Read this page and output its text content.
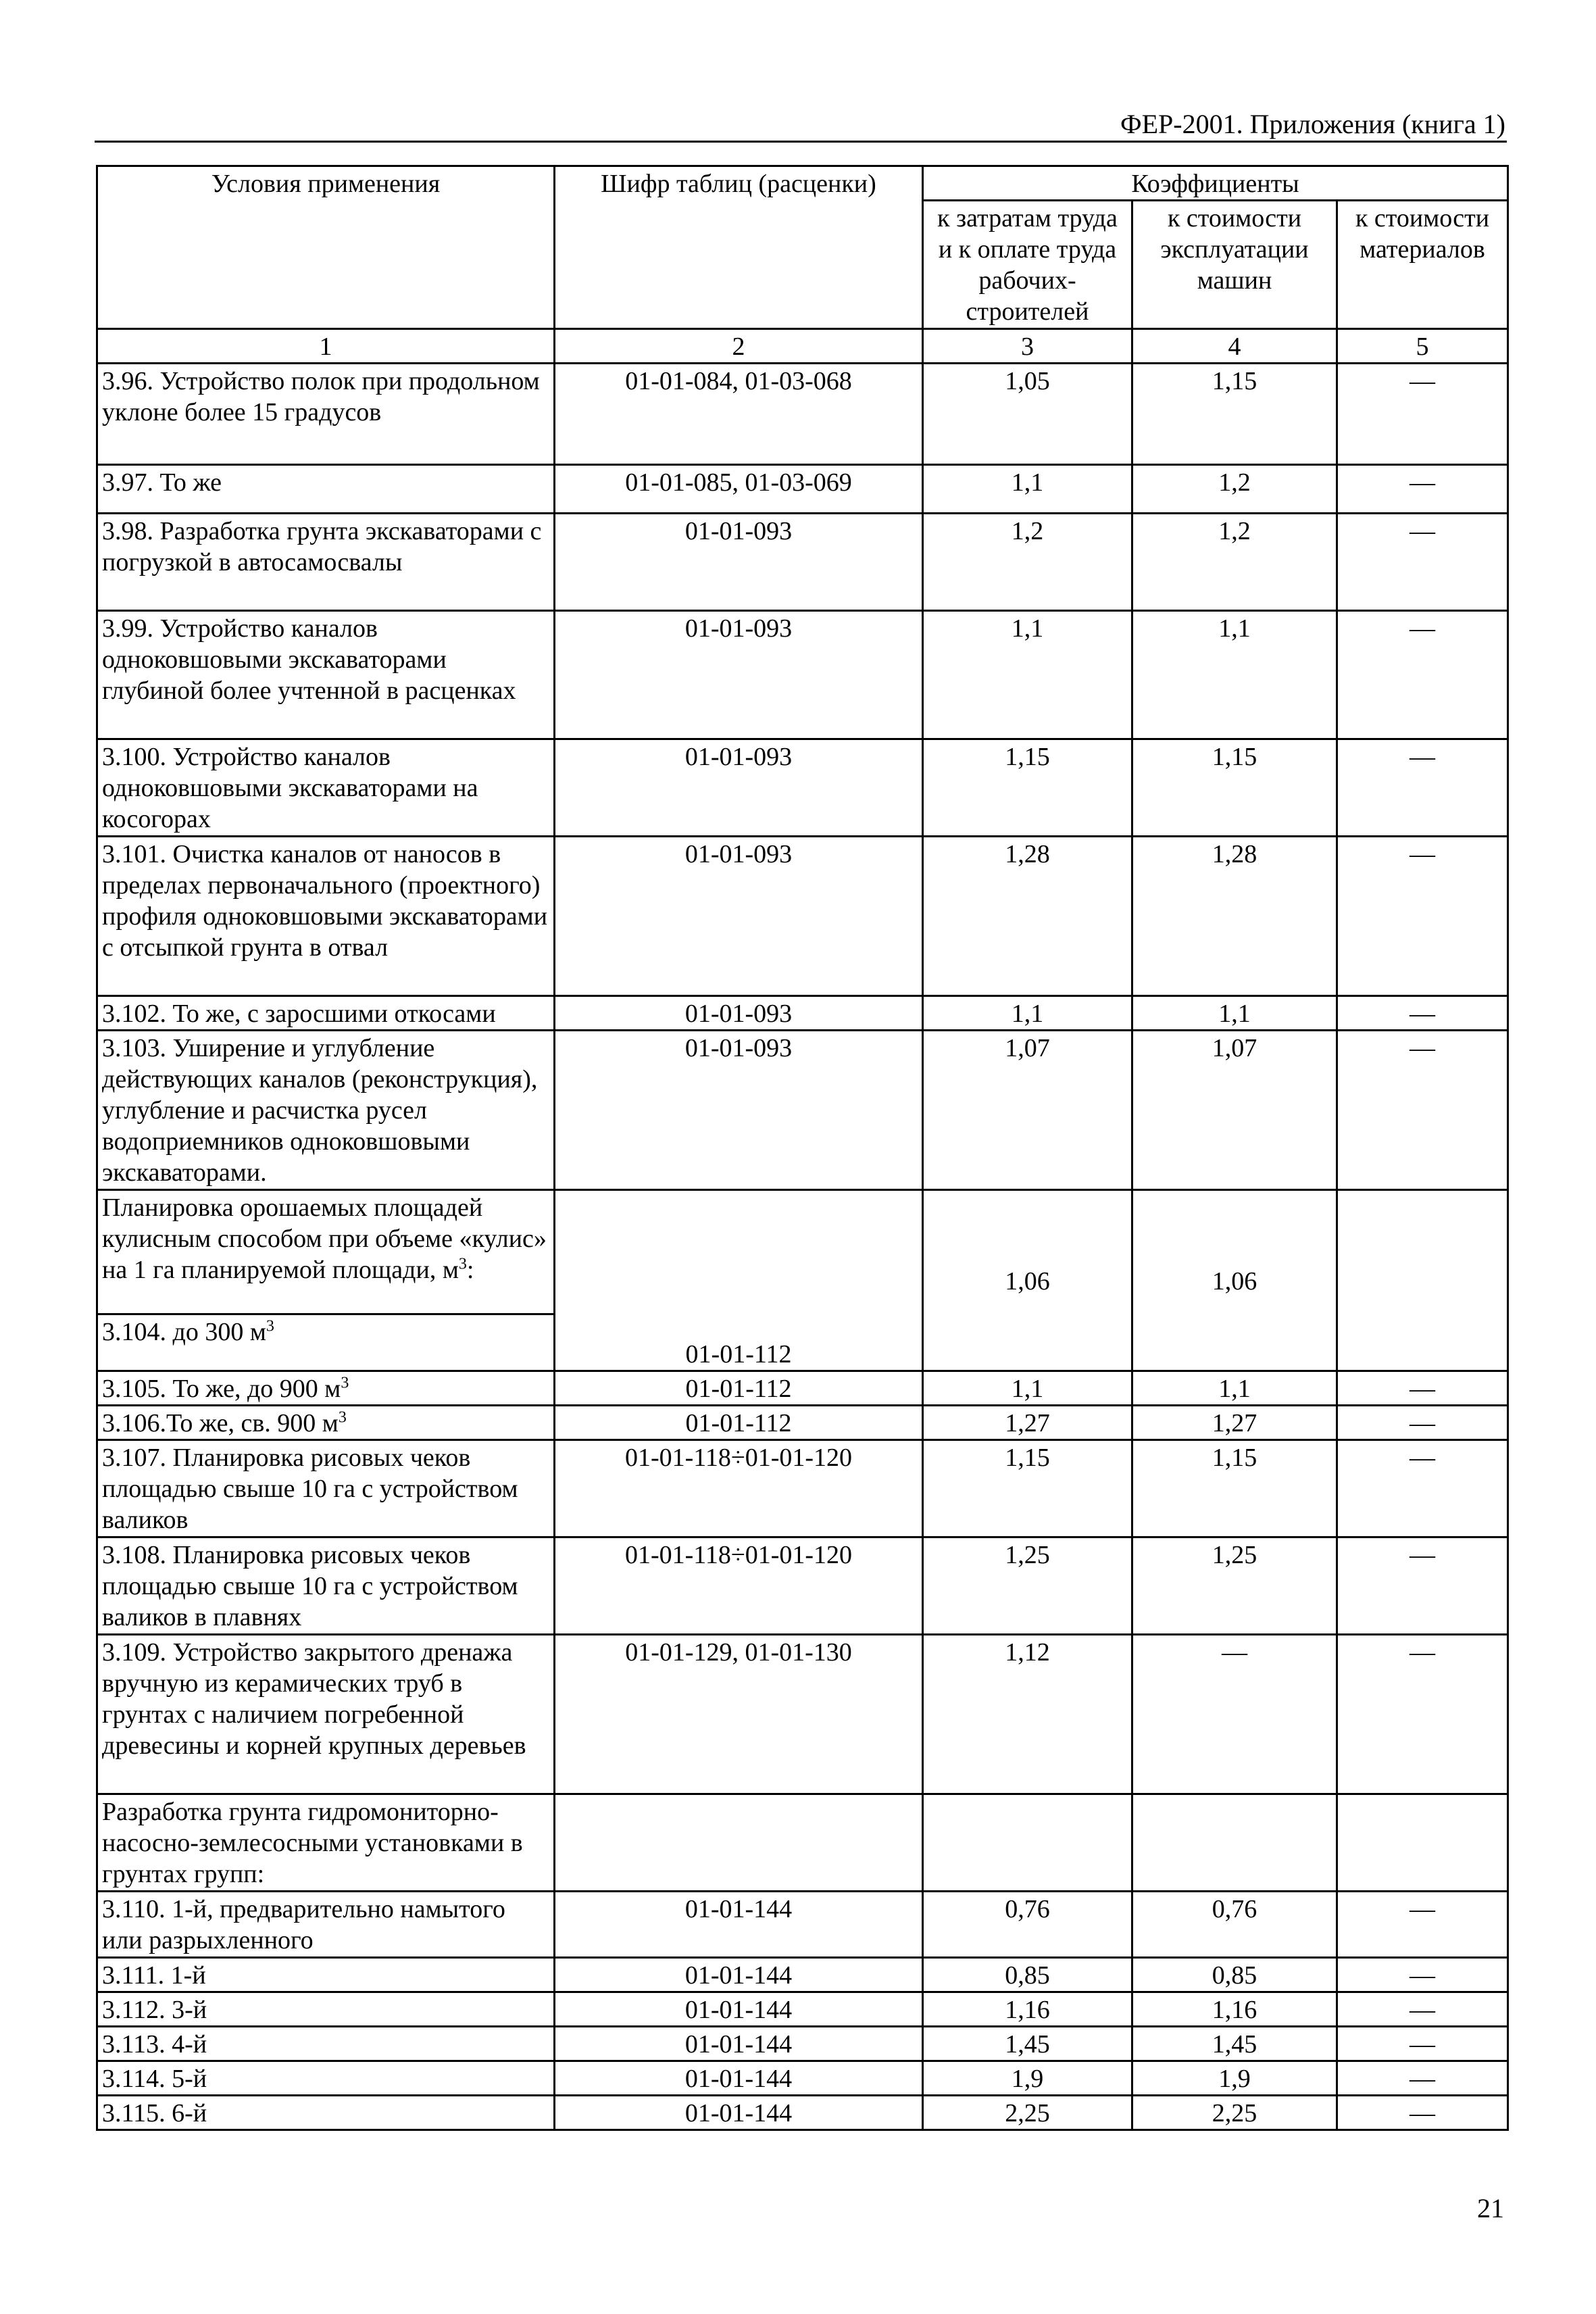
ФЕР-2001. Приложения (книга 1)
Условия применения	Шифр таблиц (расценки)	Коэффициенты		
		к затратам труда и к оплате труда рабочих-строителей	к стоимости эксплуатации машин	к стоимости материалов
1	2	3	4	5
3.96. Устройство полок при продольном уклоне более 15 градусов	01-01-084, 01-03-068	1,05	1,15	—
3.97. То же	01-01-085, 01-03-069	1,1	1,2	—
3.98. Разработка грунта экскаваторами с погрузкой в автосамосвалы	01-01-093	1,2	1,2	—
3.99. Устройство каналов одноковшовыми экскаваторами глубиной более учтенной в расценках	01-01-093	1,1	1,1	—
3.100. Устройство каналов одноковшовыми экскаваторами на косогорах	01-01-093	1,15	1,15	—
3.101. Очистка каналов от наносов в пределах первоначального (проектного) профиля одноковшовыми экскаваторами с отсыпкой грунта в отвал	01-01-093	1,28	1,28	—
3.102. То же, с заросшими откосами	01-01-093	1,1	1,1	—
3.103. Уширение и углубление действующих каналов (реконструкция), углубление и расчистка русел водоприемников одноковшовыми экскаваторами.	01-01-093	1,07	1,07	—
Планировка орошаемых площадей кулисным способом при объеме «кулис» на 1 га планируемой площади, $м^3$:	01-01-112	1,06	1,06	
3.104. до 300 $м^3$
3.105. То же, до 900 $м^3$	01-01-112	1,1	1,1	—
3.106.То же, св. 900 $м^3$	01-01-112	1,27	1,27	—
3.107. Планировка рисовых чеков площадью свыше 10 га с устройством валиков	01-01-118÷01-01-120	1,15	1,15	—
3.108. Планировка рисовых чеков площадью свыше 10 га с устройством валиков в плавнях	01-01-118÷01-01-120	1,25	1,25	—
3.109. Устройство закрытого дренажа вручную из керамических труб в грунтах с наличием погребенной древесины и корней крупных деревьев	01-01-129, 01-01-130	1,12	—	—
Разработка грунта гидромониторно-насосно-землесосными установками в грунтах групп:				
3.110. 1-й, предварительно намытого или разрыхленного	01-01-144	0,76	0,76	—
3.111. 1-й	01-01-144	0,85	0,85	—
3.112. 3-й	01-01-144	1,16	1,16	—
3.113. 4-й	01-01-144	1,45	1,45	—
3.114. 5-й	01-01-144	1,9	1,9	—
3.115. 6-й	01-01-144	2,25	2,25	—
21
